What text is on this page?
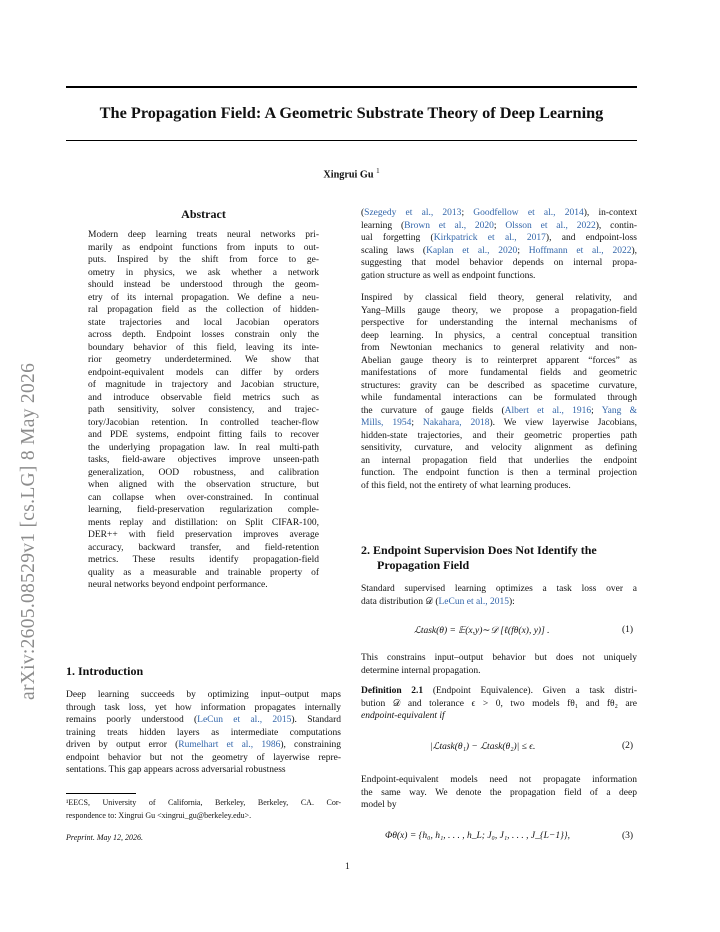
arXiv:2605.08529v1 [cs.LG] 8 May 2026
The Propagation Field: A Geometric Substrate Theory of Deep Learning
Xingrui Gu $^1$
Abstract
Modern deep learning treats neural networks pri-
marily as endpoint functions from inputs to out-
puts. Inspired by the shift from force to ge-
ometry in physics, we ask whether a network
should instead be understood through the geom-
etry of its internal propagation. We define a neu-
ral propagation field as the collection of hidden-
state trajectories and local Jacobian operators
across depth. Endpoint losses constrain only the
boundary behavior of this field, leaving its inte-
rior geometry underdetermined. We show that
endpoint-equivalent models can differ by orders
of magnitude in trajectory and Jacobian structure,
and introduce observable field metrics such as
path sensitivity, solver consistency, and trajec-
tory/Jacobian retention. In controlled teacher-flow
and PDE systems, endpoint fitting fails to recover
the underlying propagation law. In real multi-path
tasks, field-aware objectives improve unseen-path
generalization, OOD robustness, and calibration
when aligned with the observation structure, but
can collapse when over-constrained. In continual
learning, field-preservation regularization comple-
ments replay and distillation: on Split CIFAR-100,
DER++ with field preservation improves average
accuracy, backward transfer, and field-retention
metrics. These results identify propagation-field
quality as a measurable and trainable property of
neural networks beyond endpoint performance.
1. Introduction
Deep learning succeeds by optimizing input–output maps
through task loss, yet how information propagates internally
remains poorly understood (LeCun et al., 2015). Standard
training treats hidden layers as intermediate computations
driven by output error (Rumelhart et al., 1986), constraining
endpoint behavior but not the geometry of layerwise repre-
sentations. This gap appears across adversarial robustness
¹EECS, University of California, Berkeley, Berkeley, CA. Cor-
respondence to: Xingrui Gu <xingrui_gu@berkeley.edu>.
Preprint. May 12, 2026.
(Szegedy et al., 2013; Goodfellow et al., 2014), in-context
learning (Brown et al., 2020; Olsson et al., 2022), contin-
ual forgetting (Kirkpatrick et al., 2017), and endpoint-loss
scaling laws (Kaplan et al., 2020; Hoffmann et al., 2022),
suggesting that model behavior depends on internal propa-
gation structure as well as endpoint functions.
Inspired by classical field theory, general relativity, and
Yang–Mills gauge theory, we propose a propagation-field
perspective for understanding the internal mechanisms of
deep learning. In physics, a central conceptual transition
from Newtonian mechanics to general relativity and non-
Abelian gauge theory is to reinterpret apparent “forces” as
manifestations of more fundamental fields and geometric
structures: gravity can be described as spacetime curvature,
while fundamental interactions can be formulated through
the curvature of gauge fields (Albert et al., 1916; Yang &
Mills, 1954; Nakahara, 2018). We view layerwise Jacobians,
hidden-state trajectories, and their geometric properties path
sensitivity, curvature, and velocity alignment as defining
an internal propagation field that underlies the endpoint
function. The endpoint function is then a terminal projection
of this field, not the entirety of what learning produces.
2. Endpoint Supervision Does Not Identify the
Propagation Field
Standard supervised learning optimizes a task loss over a
data distribution 𝒟 (LeCun et al., 2015):
ℒtask(θ) = 𝔼(x,y)∼𝒟 [ℓ(fθ(x), y)] .	(1)
This constrains input–output behavior but does not uniquely
determine internal propagation.
Definition 2.1 (Endpoint Equivalence). Given a task distri-
bution 𝒟 and tolerance ϵ > 0, two models fθ₁ and fθ₂ are
endpoint-equivalent if
|ℒtask(θ₁) − ℒtask(θ₂)| ≤ ϵ.	(2)
Endpoint-equivalent models need not propagate information
the same way. We denote the propagation field of a deep
model by
Φθ(x) = {h₀, h₁, . . . , h_L; J₀, J₁, . . . , J_{L−1}},	(3)
1
